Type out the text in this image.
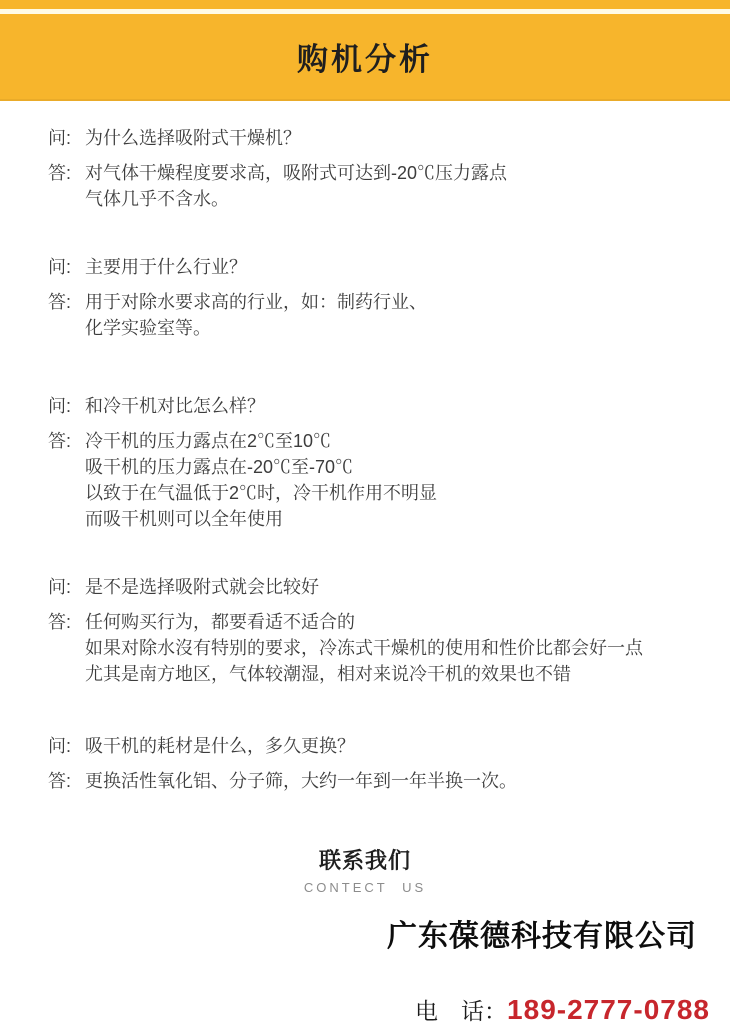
购机分析
问: 为什么选择吸附式干燥机？
答: 对气体干燥程度要求高，吸附式可达到-20℃压力露点
气体几乎不含水。
问: 主要用于什么行业？
答: 用于对除水要求高的行业，如：制药行业、
化学实验室等。
问: 和冷干机对比怎么样？
答: 冷干机的压力露点在2℃至10℃
吸干机的压力露点在-20℃至-70℃
以致于在气温低于2℃时，冷干机作用不明显
而吸干机则可以全年使用
问: 是不是选择吸附式就会比较好
答: 任何购买行为，都要看适不适合的
如果对除水沒有特别的要求，冷冻式干燥机的使用和性价比都会好一点
尤其是南方地区，气体较潮湿，相对来说冷干机的效果也不错
问: 吸干机的耗材是什么，多久更换？
答: 更换活性氧化铝、分子筛，大约一年到一年半换一次。
联系我们
CONTECT US
广东葆德科技有限公司
电　话：189-2777-0788
